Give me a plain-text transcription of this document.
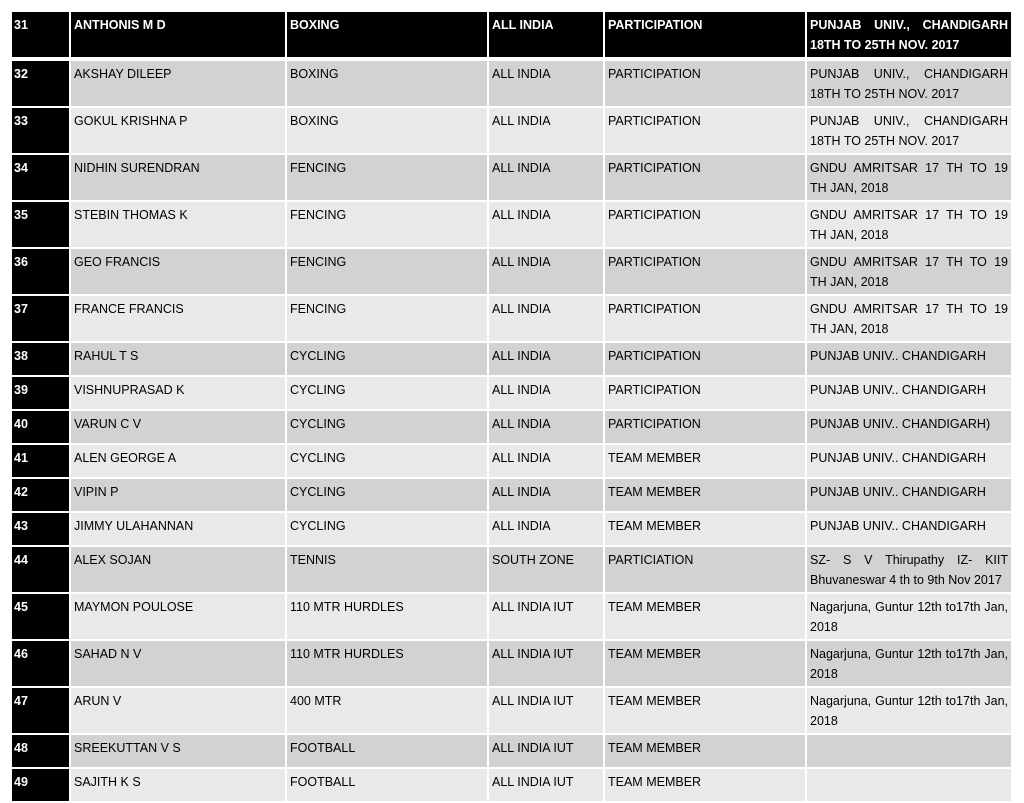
31	ANTHONIS M D	BOXING	ALL INDIA	PARTICIPATION	PUNJAB UNIV., CHANDIGARH 18TH TO 25TH NOV. 2017
32	AKSHAY DILEEP	BOXING	ALL INDIA	PARTICIPATION	PUNJAB UNIV., CHANDIGARH 18TH TO 25TH NOV. 2017
33	GOKUL KRISHNA P	BOXING	ALL INDIA	PARTICIPATION	PUNJAB UNIV., CHANDIGARH 18TH TO 25TH NOV. 2017
34	NIDHIN SURENDRAN	FENCING	ALL INDIA	PARTICIPATION	GNDU AMRITSAR 17 TH TO 19 TH JAN, 2018
35	STEBIN THOMAS K	FENCING	ALL INDIA	PARTICIPATION	GNDU AMRITSAR 17 TH TO 19 TH JAN, 2018
36	GEO FRANCIS	FENCING	ALL INDIA	PARTICIPATION	GNDU AMRITSAR 17 TH TO 19 TH JAN, 2018
37	FRANCE FRANCIS	FENCING	ALL INDIA	PARTICIPATION	GNDU AMRITSAR 17 TH TO 19 TH JAN, 2018
38	RAHUL T S	CYCLING	ALL INDIA	PARTICIPATION	PUNJAB UNIV.. CHANDIGARH
39	VISHNUPRASAD K	CYCLING	ALL INDIA	PARTICIPATION	PUNJAB UNIV.. CHANDIGARH
40	VARUN C V	CYCLING	ALL INDIA	PARTICIPATION	PUNJAB UNIV.. CHANDIGARH)
41	ALEN GEORGE A	CYCLING	ALL INDIA	TEAM MEMBER	PUNJAB UNIV.. CHANDIGARH
42	VIPIN P	CYCLING	ALL INDIA	TEAM MEMBER	PUNJAB UNIV.. CHANDIGARH
43	JIMMY ULAHANNAN	CYCLING	ALL INDIA	TEAM MEMBER	PUNJAB UNIV.. CHANDIGARH
44	ALEX SOJAN	TENNIS	SOUTH ZONE	PARTICIATION	SZ- S V Thirupathy IZ- KIIT Bhuvaneswar 4 th to 9th Nov 2017
45	MAYMON POULOSE	110 MTR HURDLES	ALL INDIA IUT	TEAM MEMBER	Nagarjuna, Guntur 12th to17th Jan, 2018
46	SAHAD N V	110 MTR HURDLES	ALL INDIA IUT	TEAM MEMBER	Nagarjuna, Guntur 12th to17th Jan, 2018
47	ARUN V	400 MTR	ALL INDIA IUT	TEAM MEMBER	Nagarjuna, Guntur 12th to17th Jan, 2018
48	SREEKUTTAN V S	FOOTBALL	ALL INDIA IUT	TEAM MEMBER	
49	SAJITH K S	FOOTBALL	ALL INDIA IUT	TEAM MEMBER	
